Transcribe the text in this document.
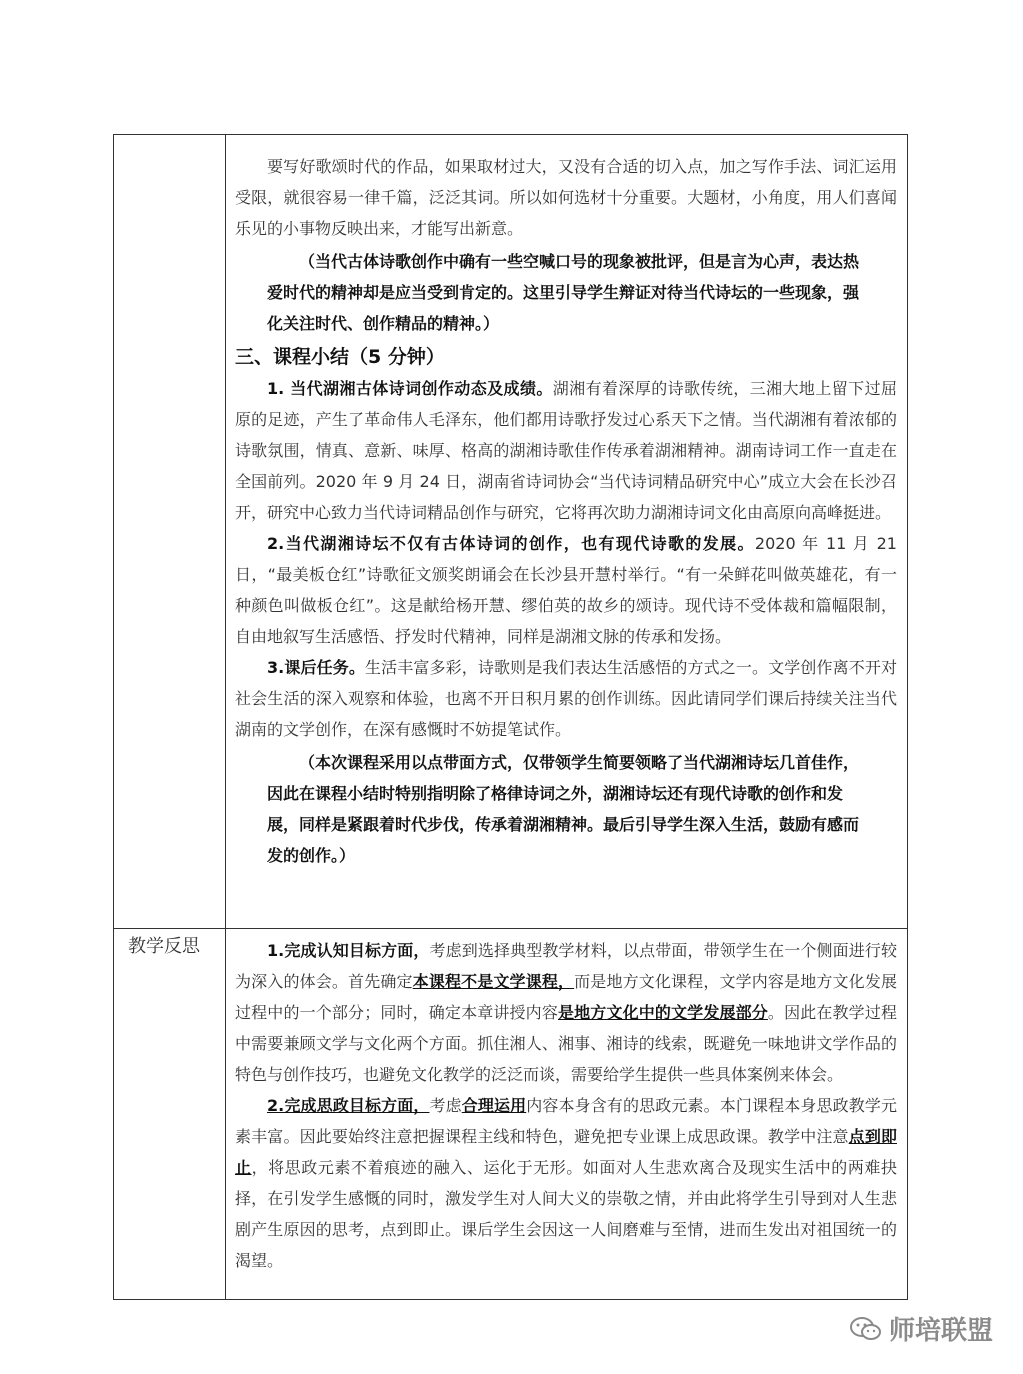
要写好歌颂时代的作品，如果取材过大，又没有合适的切入点，加之写作手法、词汇运用受限，就很容易一律千篇，泛泛其词。所以如何选材十分重要。大题材，小角度，用人们喜闻乐见的小事物反映出来，才能写出新意。

（当代古体诗歌创作中确有一些空喊口号的现象被批评，但是言为心声，表达热爱时代的精神却是应当受到肯定的。这里引导学生辩证对待当代诗坛的一些现象，强化关注时代、创作精品的精神。）
三、课程小结（5 分钟）

1. 当代湖湘古体诗词创作动态及成绩。湖湘有着深厚的诗歌传统，三湘大地上留下过屈原的足迹，产生了革命伟人毛泽东，他们都用诗歌抒发过心系天下之情。当代湖湘有着浓郁的诗歌氛围，情真、意新、味厚、格高的湖湘诗歌佳作传承着湖湘精神。湖南诗词工作一直走在全国前列。2020 年 9 月 24 日，湖南省诗词协会“当代诗词精品研究中心”成立大会在长沙召开，研究中心致力当代诗词精品创作与研究，它将再次助力湖湘诗词文化由高原向高峰挺进。

2.当代湖湘诗坛不仅有古体诗词的创作，也有现代诗歌的发展。2020 年 11 月 21 日，“最美板仓红”诗歌征文颁奖朗诵会在长沙县开慧村举行。“有一朵鲜花叫做英雄花，有一种颜色叫做板仓红”。这是献给杨开慧、缪伯英的故乡的颂诗。现代诗不受体裁和篇幅限制，自由地叙写生活感悟、抒发时代精神，同样是湖湘文脉的传承和发扬。

3.课后任务。生活丰富多彩，诗歌则是我们表达生活感悟的方式之一。文学创作离不开对社会生活的深入观察和体验，也离不开日积月累的创作训练。因此请同学们课后持续关注当代湖南的文学创作，在深有感慨时不妨提笔试作。

（本次课程采用以点带面方式，仅带领学生简要领略了当代湖湘诗坛几首佳作，因此在课程小结时特别指明除了格律诗词之外，湖湘诗坛还有现代诗歌的创作和发展，同样是紧跟着时代步伐，传承着湖湘精神。最后引导学生深入生活，鼓励有感而发的创作。）
教学反思	1.完成认知目标方面，考虑到选择典型教学材料，以点带面，带领学生在一个侧面进行较为深入的体会。首先确定本课程不是文学课程，而是地方文化课程，文学内容是地方文化发展过程中的一个部分；同时，确定本章讲授内容是地方文化中的文学发展部分。因此在教学过程中需要兼顾文学与文化两个方面。抓住湘人、湘事、湘诗的线索，既避免一味地讲文学作品的特色与创作技巧，也避免文化教学的泛泛而谈，需要给学生提供一些具体案例来体会。

2.完成思政目标方面，考虑合理运用内容本身含有的思政元素。本门课程本身思政教学元素丰富。因此要始终注意把握课程主线和特色，避免把专业课上成思政课。教学中注意点到即止，将思政元素不着痕迹的融入、运化于无形。如面对人生悲欢离合及现实生活中的两难抉择，在引发学生感慨的同时，激发学生对人间大义的崇敬之情，并由此将学生引导到对人生悲剧产生原因的思考，点到即止。课后学生会因这一人间磨难与至情，进而生发出对祖国统一的渴望。

师培联盟
